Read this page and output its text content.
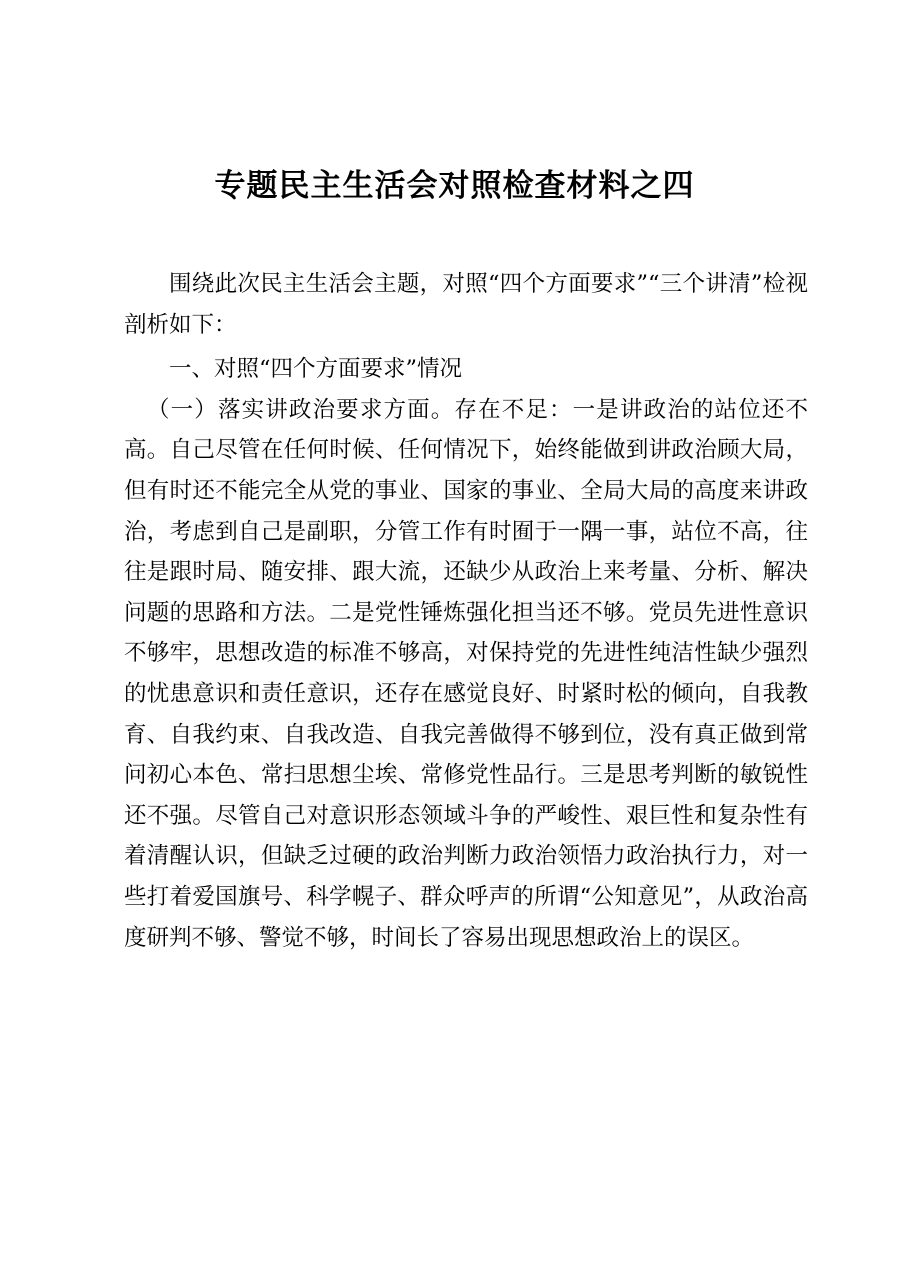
专题民主生活会对照检查材料之四

围绕此次民主生活会主题，对照“四个方面要求”“三个讲清”检视剖析如下：

一、对照“四个方面要求”情况

（一）落实讲政治要求方面。存在不足：一是讲政治的站位还不高。自己尽管在任何时候、任何情况下，始终能做到讲政治顾大局，但有时还不能完全从党的事业、国家的事业、全局大局的高度来讲政治，考虑到自己是副职，分管工作有时囿于一隅一事，站位不高，往往是跟时局、随安排、跟大流，还缺少从政治上来考量、分析、解决问题的思路和方法。二是党性锤炼强化担当还不够。党员先进性意识不够牢，思想改造的标准不够高，对保持党的先进性纯洁性缺少强烈的忧患意识和责任意识，还存在感觉良好、时紧时松的倾向，自我教育、自我约束、自我改造、自我完善做得不够到位，没有真正做到常问初心本色、常扫思想尘埃、常修党性品行。三是思考判断的敏锐性还不强。尽管自己对意识形态领域斗争的严峻性、艰巨性和复杂性有着清醒认识，但缺乏过硬的政治判断力政治领悟力政治执行力，对一些打着爱国旗号、科学幌子、群众呼声的所谓“公知意见”，从政治高度研判不够、警觉不够，时间长了容易出现思想政治上的误区。
